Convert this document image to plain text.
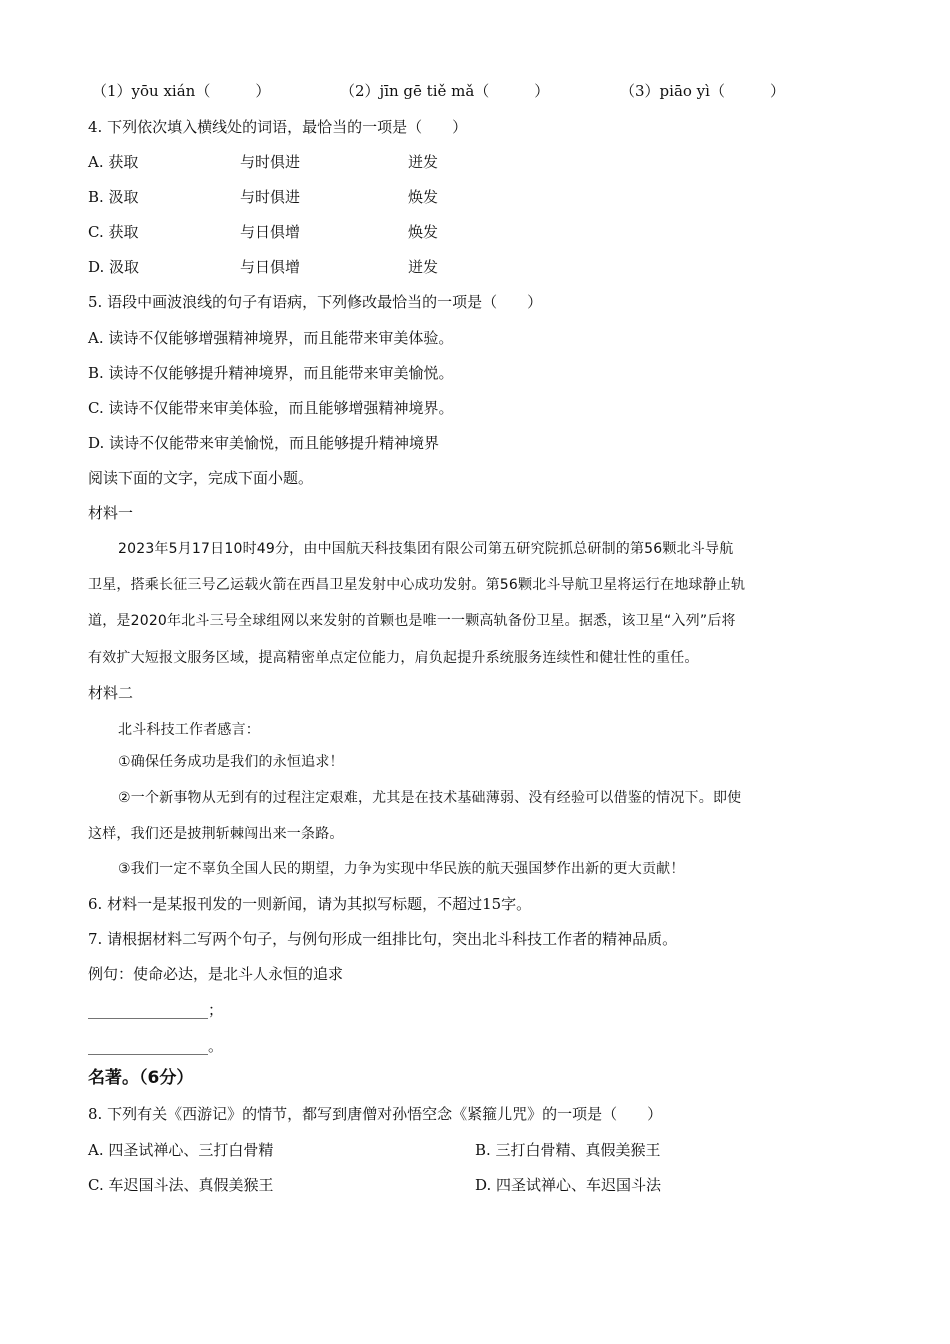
（1）yōu xián（　　　）	（2）jīn gē tiě mǎ（　　　）	（3）piāo yì（　　　）
4. 下列依次填入横线处的词语，最恰当的一项是（　　）
A. 获取	与时俱进	迸发
B. 汲取	与时俱进	焕发
C. 获取	与日俱增	焕发
D. 汲取	与日俱增	迸发
5. 语段中画波浪线的句子有语病，下列修改最恰当的一项是（　　）
A. 读诗不仅能够增强精神境界，而且能带来审美体验。
B. 读诗不仅能够提升精神境界，而且能带来审美愉悦。
C. 读诗不仅能带来审美体验，而且能够增强精神境界。
D. 读诗不仅能带来审美愉悦，而且能够提升精神境界
阅读下面的文字，完成下面小题。
材料一
2023年5月17日10时49分，由中国航天科技集团有限公司第五研究院抓总研制的第56颗北斗导航
卫星，搭乘长征三号乙运载火箭在西昌卫星发射中心成功发射。第56颗北斗导航卫星将运行在地球静止轨
道，是2020年北斗三号全球组网以来发射的首颗也是唯一一颗高轨备份卫星。据悉，该卫星“入列”后将
有效扩大短报文服务区域，提高精密单点定位能力，肩负起提升系统服务连续性和健壮性的重任。
材料二
北斗科技工作者感言：
①确保任务成功是我们的永恒追求！
②一个新事物从无到有的过程注定艰难，尤其是在技术基础薄弱、没有经验可以借鉴的情况下。即使
这样，我们还是披荆斩棘闯出来一条路。
③我们一定不辜负全国人民的期望，力争为实现中华民族的航天强国梦作出新的更大贡献！
6. 材料一是某报刊发的一则新闻，请为其拟写标题，不超过15字。
7. 请根据材料二写两个句子，与例句形成一组排比句，突出北斗科技工作者的精神品质。
例句：使命必达，是北斗人永恒的追求
________________；
________________。
名著。（6分）
8. 下列有关《西游记》的情节，都写到唐僧对孙悟空念《紧箍儿咒》的一项是（　　）
A. 四圣试禅心、三打白骨精	B. 三打白骨精、真假美猴王
C. 车迟国斗法、真假美猴王	D. 四圣试禅心、车迟国斗法
